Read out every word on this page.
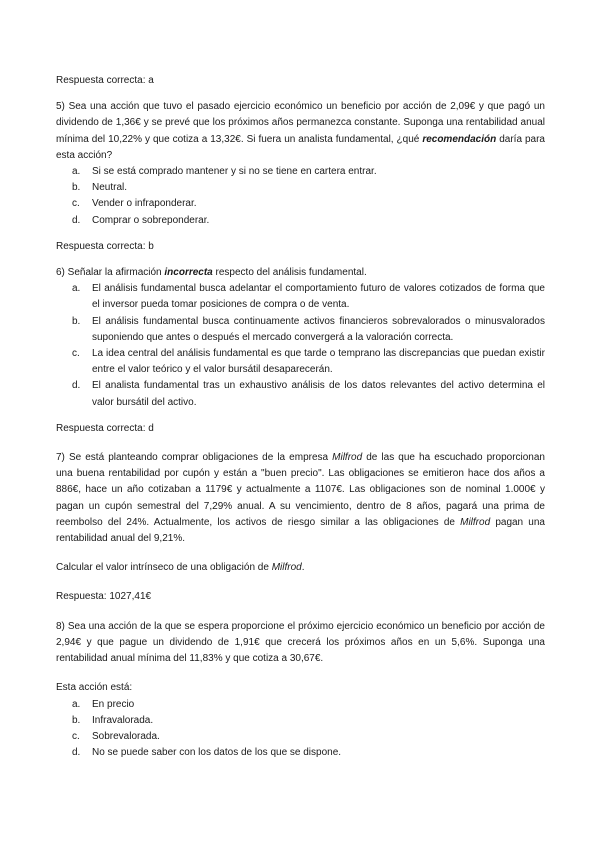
Respuesta correcta: a

5) Sea una acción que tuvo el pasado ejercicio económico un beneficio por acción de 2,09€ y que pagó un dividendo de 1,36€ y se prevé que los próximos años permanezca constante. Suponga una rentabilidad anual mínima del 10,22% y que cotiza a 13,32€. Si fuera un analista fundamental, ¿qué recomendación daría para esta acción?

a. Si se está comprado mantener y si no se tiene en cartera entrar.
b. Neutral.
c. Vender o infraponderar.
d. Comprar o sobreponderar.

Respuesta correcta: b

6) Señalar la afirmación incorrecta respecto del análisis fundamental.

a. El análisis fundamental busca adelantar el comportamiento futuro de valores cotizados de forma que el inversor pueda tomar posiciones de compra o de venta.
b. El análisis fundamental busca continuamente activos financieros sobrevalorados o minusvalorados suponiendo que antes o después el mercado convergerá a la valoración correcta.
c. La idea central del análisis fundamental es que tarde o temprano las discrepancias que puedan existir entre el valor teórico y el valor bursátil desaparecerán.
d. El analista fundamental tras un exhaustivo análisis de los datos relevantes del activo determina el valor bursátil del activo.

Respuesta correcta: d

7) Se está planteando comprar obligaciones de la empresa Milfrod de las que ha escuchado proporcionan una buena rentabilidad por cupón y están a "buen precio". Las obligaciones se emitieron hace dos años a 886€, hace un año cotizaban a 1179€ y actualmente a 1107€. Las obligaciones son de nominal 1.000€ y pagan un cupón semestral del 7,29% anual. A su vencimiento, dentro de 8 años, pagará una prima de reembolso del 24%. Actualmente, los activos de riesgo similar a las obligaciones de Milfrod pagan una rentabilidad anual del 9,21%.

Calcular el valor intrínseco de una obligación de Milfrod.

Respuesta: 1027,41€

8) Sea una acción de la que se espera proporcione el próximo ejercicio económico un beneficio por acción de 2,94€ y que pague un dividendo de 1,91€ que crecerá los próximos años en un 5,6%. Suponga una rentabilidad anual mínima del 11,83% y que cotiza a 30,67€.

Esta acción está:

a. En precio
b. Infravalorada.
c. Sobrevalorada.
d. No se puede saber con los datos de los que se dispone.
